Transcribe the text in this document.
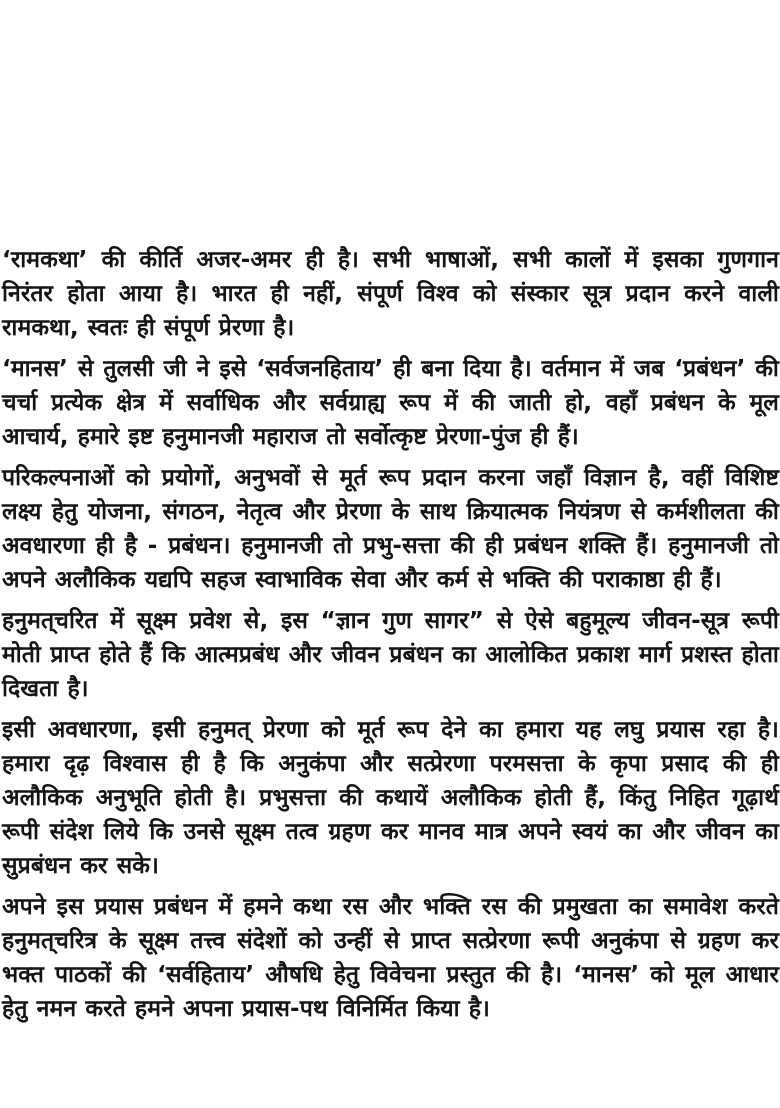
‘रामकथा’ की कीर्ति अजर-अमर ही है। सभी भाषाओं, सभी कालों में इसका गुणगान निरंतर होता आया है। भारत ही नहीं, संपूर्ण विश्व को संस्कार सूत्र प्रदान करने वाली रामकथा, स्वतः ही संपूर्ण प्रेरणा है।

‘मानस’ से तुलसी जी ने इसे ‘सर्वजनहिताय’ ही बना दिया है। वर्तमान में जब ‘प्रबंधन’ की चर्चा प्रत्येक क्षेत्र में सर्वाधिक और सर्वग्राह्य रूप में की जाती हो, वहाँ प्रबंधन के मूल आचार्य, हमारे इष्ट हनुमानजी महाराज तो सर्वोत्कृष्ट प्रेरणा-पुंज ही हैं।

परिकल्पनाओं को प्रयोगों, अनुभवों से मूर्त रूप प्रदान करना जहाँ विज्ञान है, वहीं विशिष्ट लक्ष्य हेतु योजना, संगठन, नेतृत्व और प्रेरणा के साथ क्रियात्मक नियंत्रण से कर्मशीलता की अवधारणा ही है - प्रबंधन। हनुमानजी तो प्रभु-सत्ता की ही प्रबंधन शक्ति हैं। हनुमानजी तो अपने अलौकिक यद्यपि सहज स्वाभाविक सेवा और कर्म से भक्ति की पराकाष्ठा ही हैं।

हनुमत्‌चरित में सूक्ष्म प्रवेश से, इस “ज्ञान गुण सागर” से ऐसे बहुमूल्य जीवन-सूत्र रूपी मोती प्राप्त होते हैं कि आत्मप्रबंध और जीवन प्रबंधन का आलोकित प्रकाश मार्ग प्रशस्त होता दिखता है।

इसी अवधारणा, इसी हनुमत्‌ प्रेरणा को मूर्त रूप देने का हमारा यह लघु प्रयास रहा है। हमारा दृढ़ विश्वास ही है कि अनुकंपा और सत्प्रेरणा परमसत्ता के कृपा प्रसाद की ही अलौकिक अनुभूति होती है। प्रभुसत्ता की कथायें अलौकिक होती हैं, किंतु निहित गूढ़ार्थ रूपी संदेश लिये कि उनसे सूक्ष्म तत्व ग्रहण कर मानव मात्र अपने स्वयं का और जीवन का सुप्रबंधन कर सके।

अपने इस प्रयास प्रबंधन में हमने कथा रस और भक्ति रस की प्रमुखता का समावेश करते हनुमत्‌चरित्र के सूक्ष्म तत्त्व संदेशों को उन्हीं से प्राप्त सत्प्रेरणा रूपी अनुकंपा से ग्रहण कर भक्त पाठकों की ‘सर्वहिताय’ औषधि हेतु विवेचना प्रस्तुत की है। ‘मानस’ को मूल आधार हेतु नमन करते हमने अपना प्रयास-पथ विनिर्मित किया है।
